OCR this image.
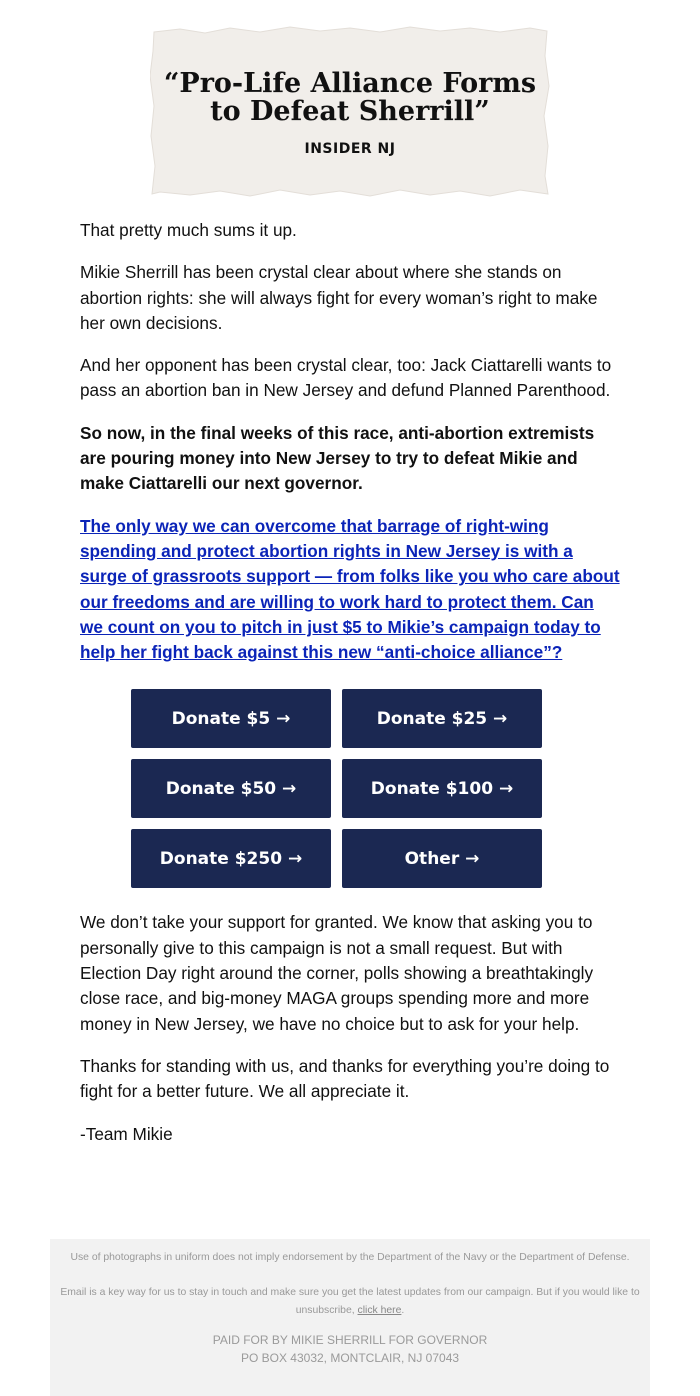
“Pro-Life Alliance Forms
to Defeat Sherrill”
INSIDER NJ

That pretty much sums it up.

Mikie Sherrill has been crystal clear about where she stands on abortion rights: she will always fight for every woman’s right to make her own decisions.

And her opponent has been crystal clear, too: Jack Ciattarelli wants to pass an abortion ban in New Jersey and defund Planned Parenthood.

So now, in the final weeks of this race, anti-abortion extremists are pouring money into New Jersey to try to defeat Mikie and make Ciattarelli our next governor.

The only way we can overcome that barrage of right-wing spending and protect abortion rights in New Jersey is with a surge of grassroots support — from folks like you who care about our freedoms and are willing to work hard to protect them. Can we count on you to pitch in just $5 to Mikie’s campaign today to help her fight back against this new “anti-choice alliance”?

Donate $5 →	Donate $25 →
Donate $50 →	Donate $100 →
Donate $250 →	Other →

We don’t take your support for granted. We know that asking you to personally give to this campaign is not a small request. But with Election Day right around the corner, polls showing a breathtakingly close race, and big-money MAGA groups spending more and more money in New Jersey, we have no choice but to ask for your help.

Thanks for standing with us, and thanks for everything you’re doing to fight for a better future. We all appreciate it.

-Team Mikie

Use of photographs in uniform does not imply endorsement by the Department of the Navy or the Department of Defense.

Email is a key way for us to stay in touch and make sure you get the latest updates from our campaign. But if you would like to unsubscribe, click here.

PAID FOR BY MIKIE SHERRILL FOR GOVERNOR
PO BOX 43032, MONTCLAIR, NJ 07043
